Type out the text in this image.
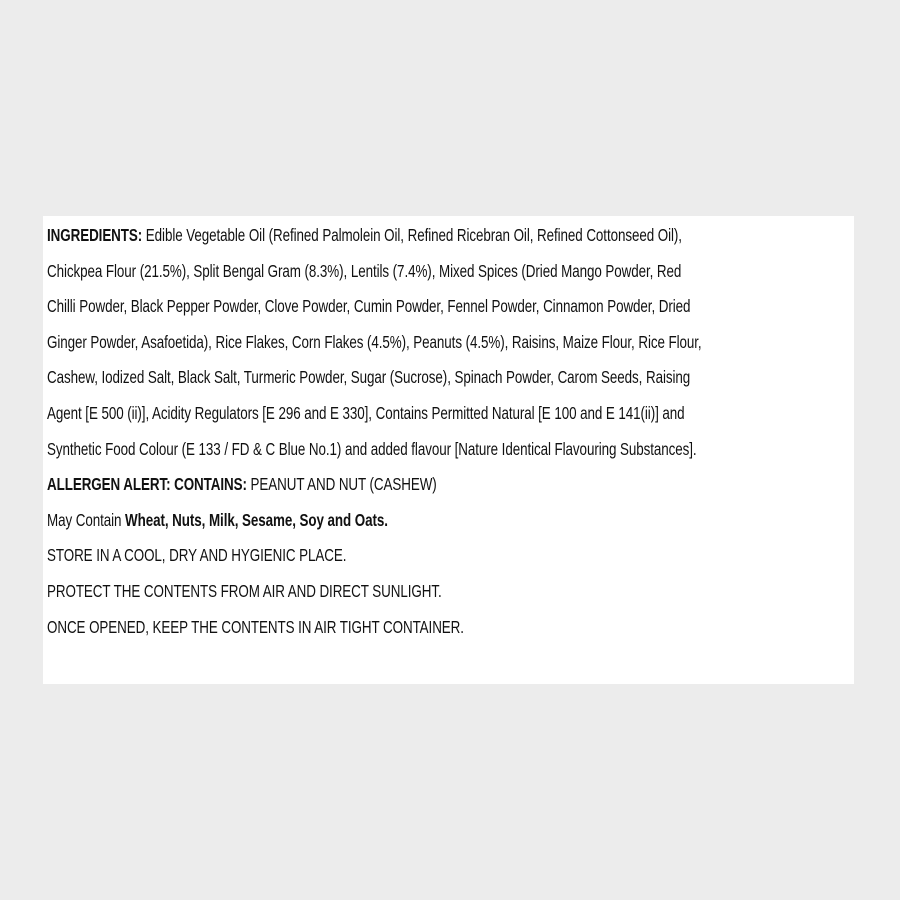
INGREDIENTS: Edible Vegetable Oil (Refined Palmolein Oil, Refined Ricebran Oil, Refined Cottonseed Oil),

Chickpea Flour (21.5%), Split Bengal Gram (8.3%), Lentils (7.4%), Mixed Spices (Dried Mango Powder, Red

Chilli Powder, Black Pepper Powder, Clove Powder, Cumin Powder, Fennel Powder, Cinnamon Powder, Dried

Ginger Powder, Asafoetida), Rice Flakes, Corn Flakes (4.5%), Peanuts (4.5%), Raisins, Maize Flour, Rice Flour,

Cashew, Iodized Salt, Black Salt, Turmeric Powder, Sugar (Sucrose), Spinach Powder, Carom Seeds, Raising

Agent [E 500 (ii)], Acidity Regulators [E 296 and E 330], Contains Permitted Natural [E 100 and E 141(ii)] and

Synthetic Food Colour (E 133 / FD & C Blue No.1) and added flavour [Nature Identical Flavouring Substances].

ALLERGEN ALERT: CONTAINS: PEANUT AND NUT (CASHEW)

May Contain Wheat, Nuts, Milk, Sesame, Soy and Oats.

STORE IN A COOL, DRY AND HYGIENIC PLACE.

PROTECT THE CONTENTS FROM AIR AND DIRECT SUNLIGHT.

ONCE OPENED, KEEP THE CONTENTS IN AIR TIGHT CONTAINER.
